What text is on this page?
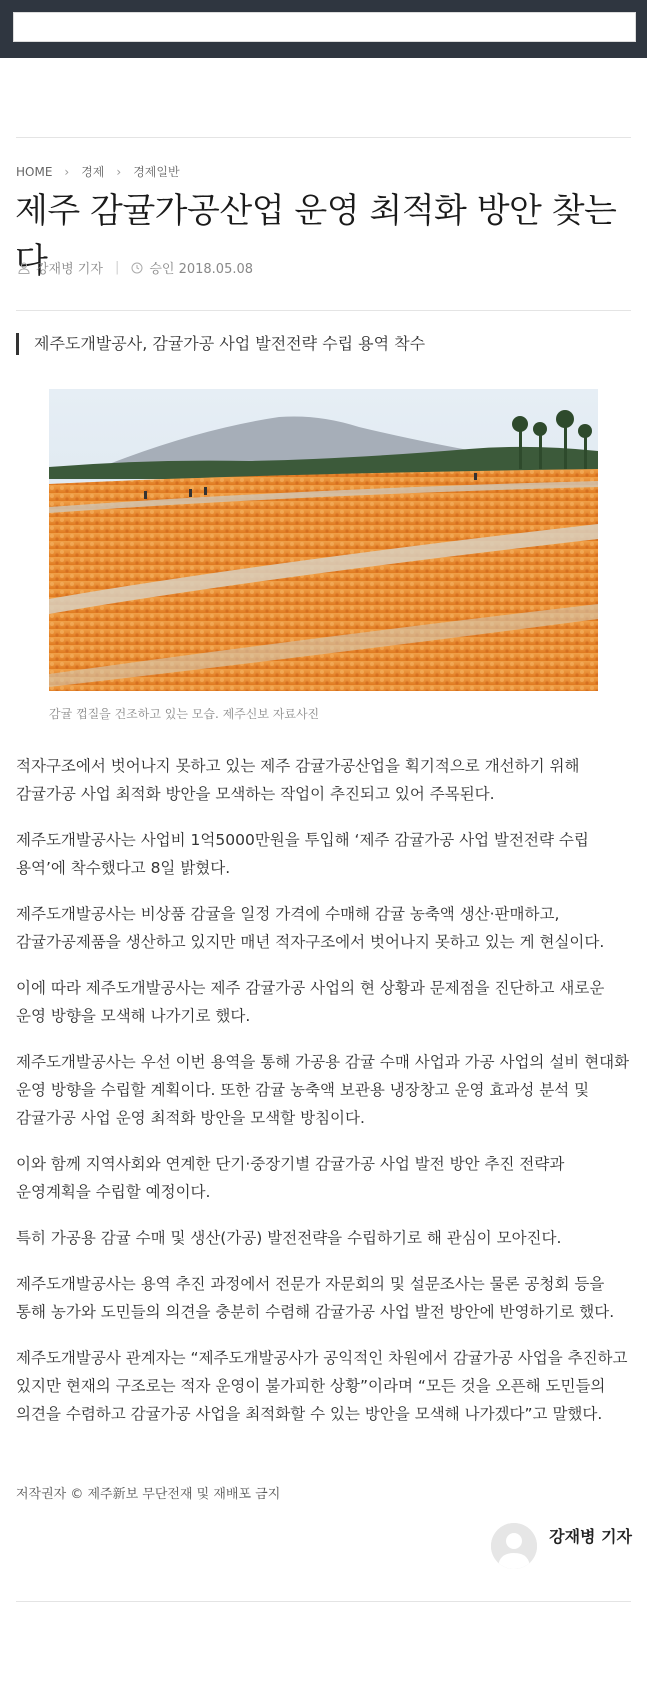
HOME › 경제 › 경제일반
제주 감귤가공산업 운영 최적화 방안 찾는다
강재병 기자 | 승인 2018.05.08
제주도개발공사, 감귤가공 사업 발전전략 수립 용역 착수
감귤 껍질을 건조하고 있는 모습. 제주신보 자료사진

적자구조에서 벗어나지 못하고 있는 제주 감귤가공산업을 획기적으로 개선하기 위해 감귤가공 사업 최적화 방안을 모색하는 작업이 추진되고 있어 주목된다.

제주도개발공사는 사업비 1억5000만원을 투입해 ‘제주 감귤가공 사업 발전전략 수립 용역’에 착수했다고 8일 밝혔다.

제주도개발공사는 비상품 감귤을 일정 가격에 수매해 감귤 농축액 생산·판매하고, 감귤가공제품을 생산하고 있지만 매년 적자구조에서 벗어나지 못하고 있는 게 현실이다.

이에 따라 제주도개발공사는 제주 감귤가공 사업의 현 상황과 문제점을 진단하고 새로운 운영 방향을 모색해 나가기로 했다.

제주도개발공사는 우선 이번 용역을 통해 가공용 감귤 수매 사업과 가공 사업의 설비 현대화 운영 방향을 수립할 계획이다. 또한 감귤 농축액 보관용 냉장창고 운영 효과성 분석 및 감귤가공 사업 운영 최적화 방안을 모색할 방침이다.

이와 함께 지역사회와 연계한 단기·중장기별 감귤가공 사업 발전 방안 추진 전략과 운영계획을 수립할 예정이다.

특히 가공용 감귤 수매 및 생산(가공) 발전전략을 수립하기로 해 관심이 모아진다.

제주도개발공사는 용역 추진 과정에서 전문가 자문회의 및 설문조사는 물론 공청회 등을 통해 농가와 도민들의 의견을 충분히 수렴해 감귤가공 사업 발전 방안에 반영하기로 했다.

제주도개발공사 관계자는 “제주도개발공사가 공익적인 차원에서 감귤가공 사업을 추진하고 있지만 현재의 구조로는 적자 운영이 불가피한 상황”이라며 “모든 것을 오픈해 도민들의 의견을 수렴하고 감귤가공 사업을 최적화할 수 있는 방안을 모색해 나가겠다”고 말했다.

저작권자 © 제주新보 무단전재 및 재배포 금지
강재병 기자
